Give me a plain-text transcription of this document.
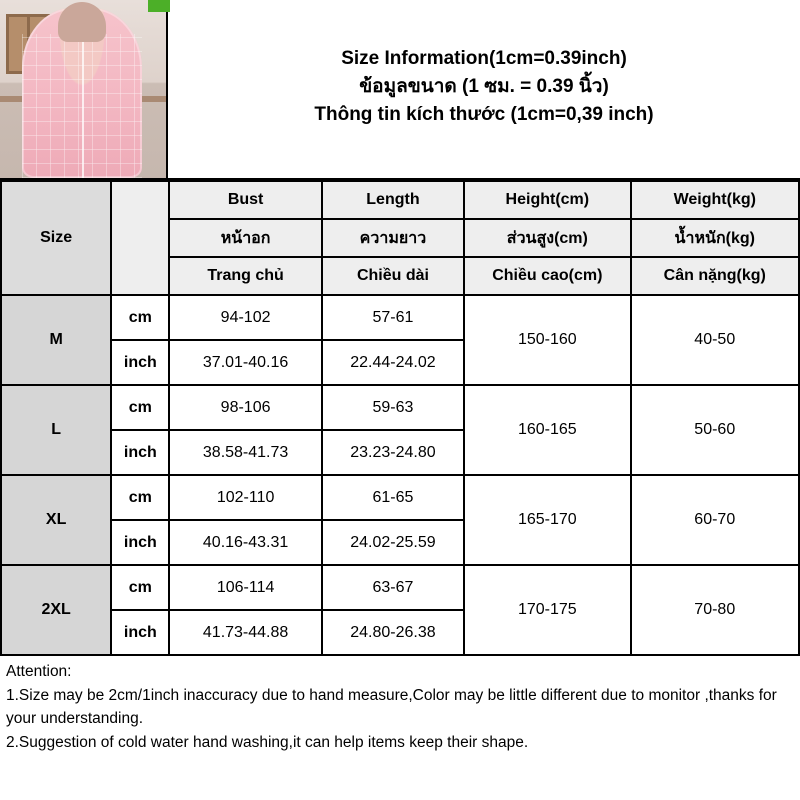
Size Information(1cm=0.39inch)
ข้อมูลขนาด (1 ซม. = 0.39 นิ้ว)
Thông tin kích thước (1cm=0,39 inch)
Size		Bust	Length	Height(cm)	Weight(kg)
		หน้าอก	ความยาว	ส่วนสูง(cm)	น้ำหนัก(kg)
		Trang chủ	Chiều dài	Chiều cao(cm)	Cân nặng(kg)
M	cm	94-102	57-61	150-160	40-50
	inch	37.01-40.16	22.44-24.02		
L	cm	98-106	59-63	160-165	50-60
	inch	38.58-41.73	23.23-24.80		
XL	cm	102-110	61-65	165-170	60-70
	inch	40.16-43.31	24.02-25.59		
2XL	cm	106-114	63-67	170-175	70-80
	inch	41.73-44.88	24.80-26.38		

Attention:

1.Size may be 2cm/1inch inaccuracy due to hand measure,Color may be little different due to monitor ,thanks for your understanding.

2.Suggestion of cold water hand washing,it can help items keep their shape.
